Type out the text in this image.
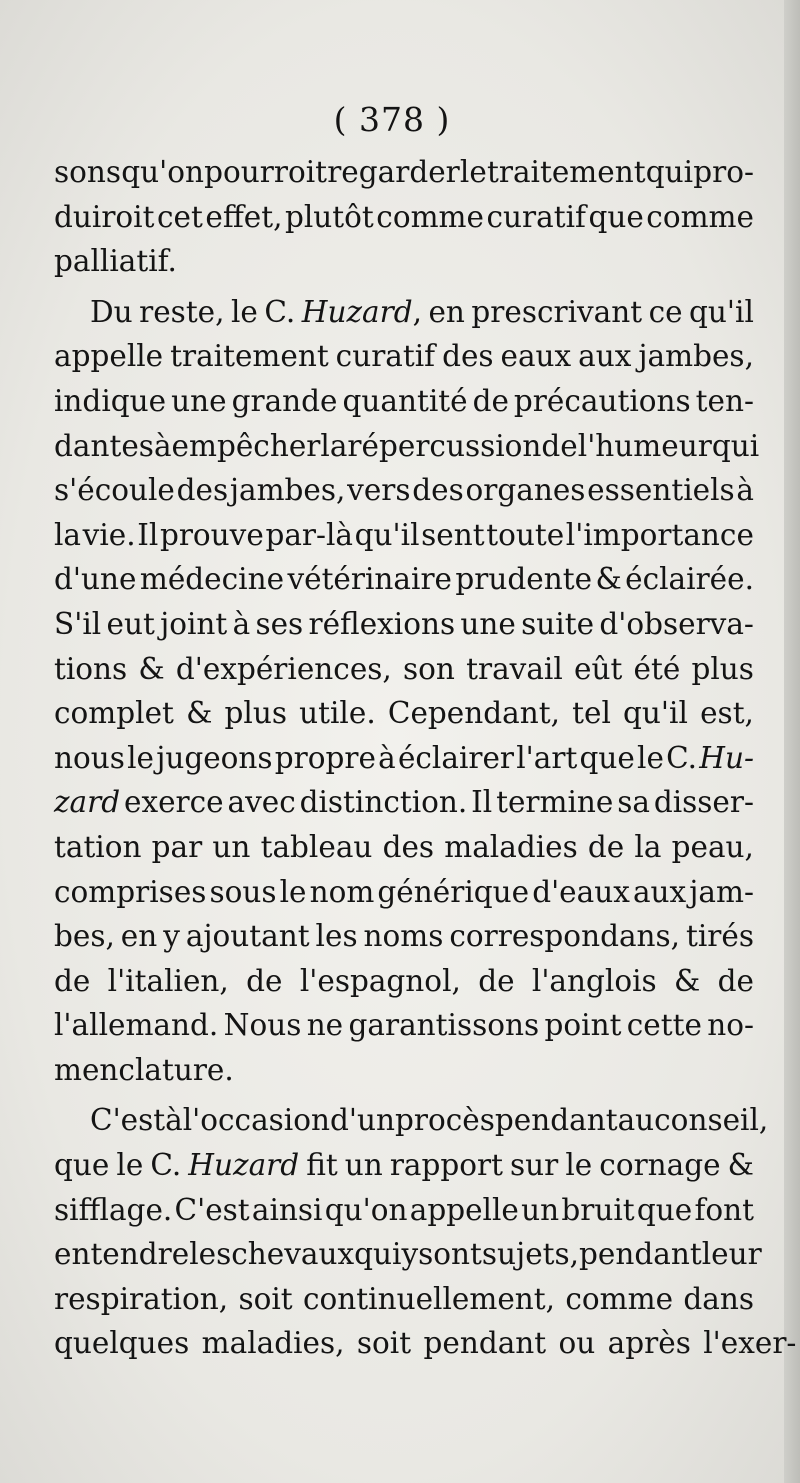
( 378 )
sons qu'on pourroit regarder le traitement qui pro-
duiroit cet effet, plutôt comme curatif que comme
palliatif.
Du reste, le C. Huzard, en prescrivant ce qu'il
appelle traitement curatif des eaux aux jambes,
indique une grande quantité de précautions ten-
dantes à empêcher la répercussion de l'humeur qui
s'écoule des jambes, vers des organes essentiels à
la vie. Il prouve par-là qu'il sent toute l'importance
d'une médecine vétérinaire prudente & éclairée.
S'il eut joint à ses réflexions une suite d'observa-
tions & d'expériences, son travail eût été plus
complet & plus utile. Cependant, tel qu'il est,
nous le jugeons propre à éclairer l'art que le C. Hu-
zard exerce avec distinction. Il termine sa disser-
tation par un tableau des maladies de la peau,
comprises sous le nom générique d'eaux aux jam-
bes, en y ajoutant les noms correspondans, tirés
de l'italien, de l'espagnol, de l'anglois & de
l'allemand. Nous ne garantissons point cette no-
menclature.
C'est à l'occasion d'un procès pendant au conseil,
que le C. Huzard fit un rapport sur le cornage &
sifflage. C'est ainsi qu'on appelle un bruit que font
entendre les chevaux qui y sont sujets, pendant leur
respiration, soit continuellement, comme dans
quelques maladies, soit pendant ou après l'exer-
